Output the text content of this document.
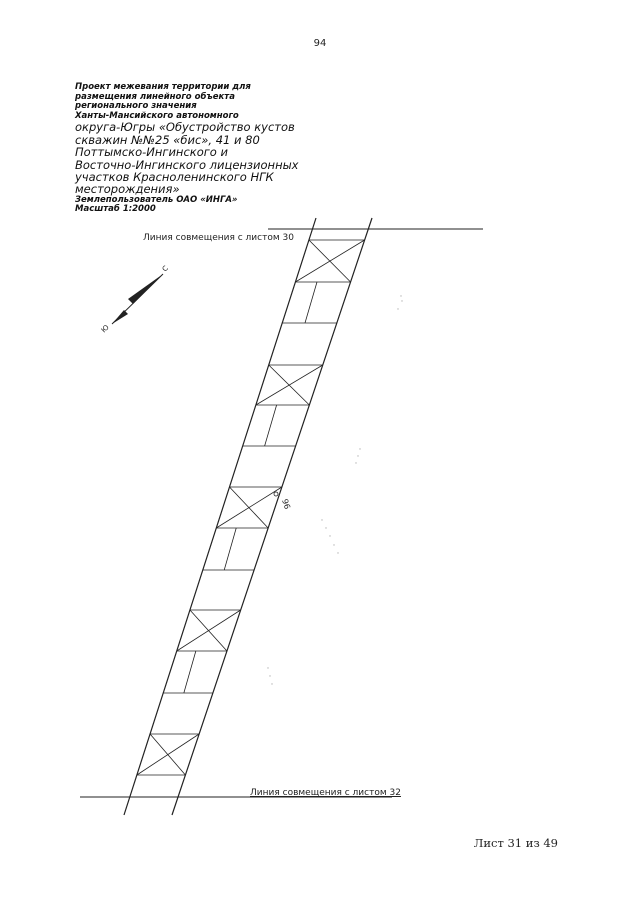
94
Проект межевания территории для
размещения линейного объекта
регионального значения
Ханты-Мансийского автономного
округа-Югры «Обустройство кустов
скважин №№25 «бис», 41 и 80
Поттымско-Ингинского и
Восточно-Ингинского лицензионных
участков Красноленинского НГК
месторождения»
Землепользователь ОАО «ИНГА»
Масштаб 1:2000
96
С
Ю
Линия совмещения с листом 30
Линия совмещения с листом 32
Лист 31 из 49
